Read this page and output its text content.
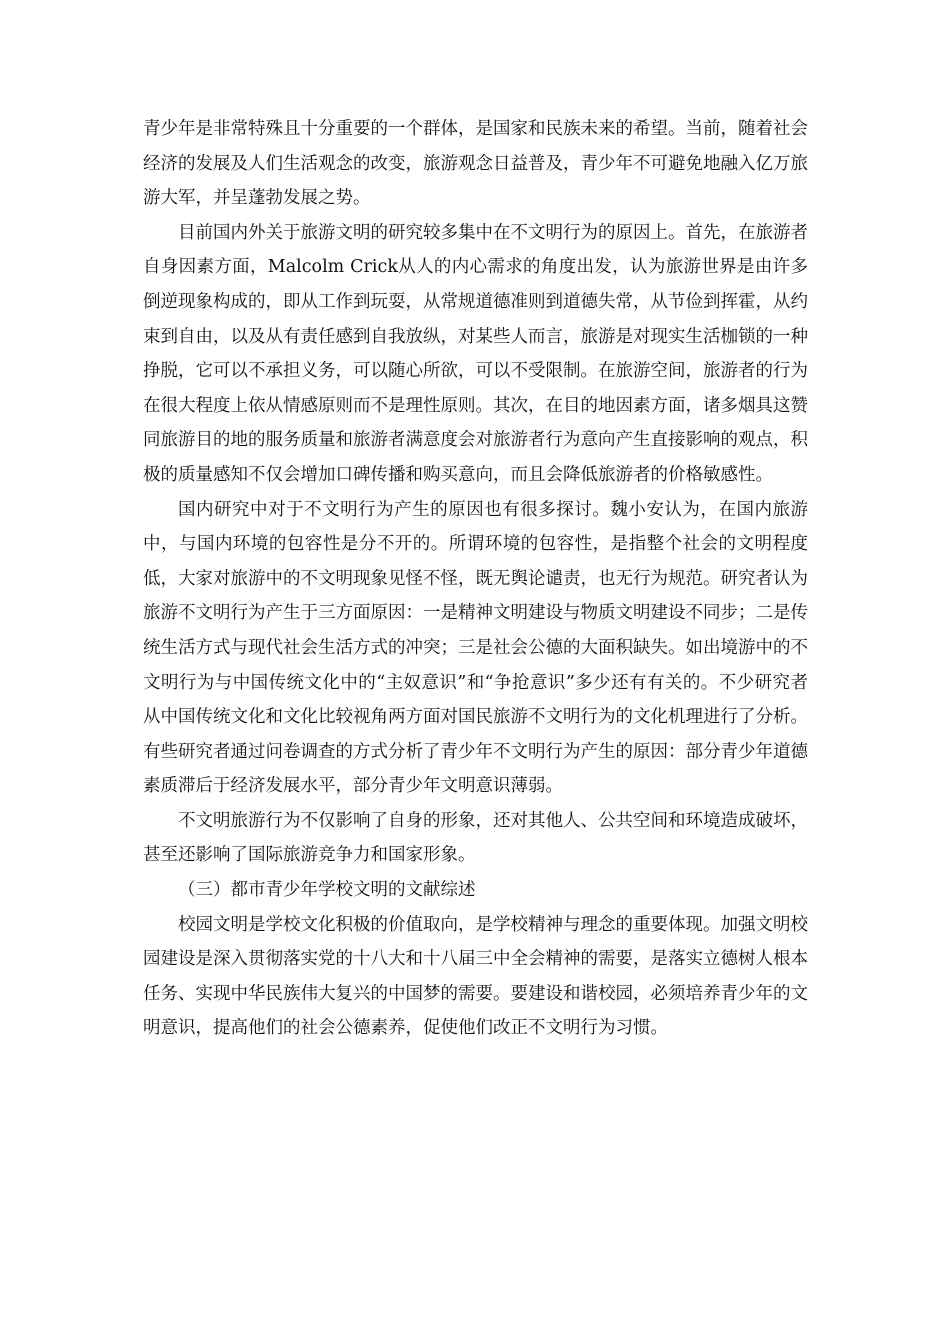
青少年是非常特殊且十分重要的一个群体，是国家和民族未来的希望。当前，随着社会经济的发展及人们生活观念的改变，旅游观念日益普及，青少年不可避免地融入亿万旅游大军，并呈蓬勃发展之势。

目前国内外关于旅游文明的研究较多集中在不文明行为的原因上。首先，在旅游者自身因素方面，Malcolm Crick从人的内心需求的角度出发，认为旅游世界是由许多倒逆现象构成的，即从工作到玩耍，从常规道德准则到道德失常，从节俭到挥霍，从约束到自由，以及从有责任感到自我放纵，对某些人而言，旅游是对现实生活枷锁的一种挣脱，它可以不承担义务，可以随心所欲，可以不受限制。在旅游空间，旅游者的行为在很大程度上依从情感原则而不是理性原则。其次，在目的地因素方面，诸多烟具这赞同旅游目的地的服务质量和旅游者满意度会对旅游者行为意向产生直接影响的观点，积极的质量感知不仅会增加口碑传播和购买意向，而且会降低旅游者的价格敏感性。

国内研究中对于不文明行为产生的原因也有很多探讨。魏小安认为，在国内旅游中，与国内环境的包容性是分不开的。所谓环境的包容性，是指整个社会的文明程度低，大家对旅游中的不文明现象见怪不怪，既无舆论谴责，也无行为规范。研究者认为旅游不文明行为产生于三方面原因：一是精神文明建设与物质文明建设不同步；二是传统生活方式与现代社会生活方式的冲突；三是社会公德的大面积缺失。如出境游中的不文明行为与中国传统文化中的“主奴意识”和“争抢意识”多少还有有关的。不少研究者从中国传统文化和文化比较视角两方面对国民旅游不文明行为的文化机理进行了分析。有些研究者通过问卷调查的方式分析了青少年不文明行为产生的原因：部分青少年道德素质滞后于经济发展水平，部分青少年文明意识薄弱。

不文明旅游行为不仅影响了自身的形象，还对其他人、公共空间和环境造成破坏，甚至还影响了国际旅游竞争力和国家形象。

（三）都市青少年学校文明的文献综述

校园文明是学校文化积极的价值取向，是学校精神与理念的重要体现。加强文明校园建设是深入贯彻落实党的十八大和十八届三中全会精神的需要，是落实立德树人根本任务、实现中华民族伟大复兴的中国梦的需要。要建设和谐校园，必须培养青少年的文明意识，提高他们的社会公德素养，促使他们改正不文明行为习惯。
